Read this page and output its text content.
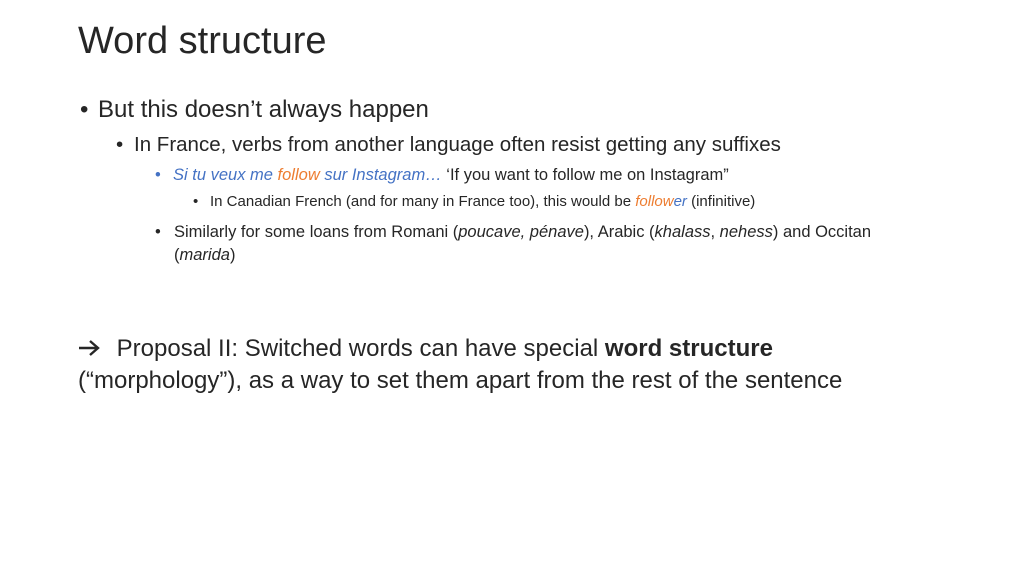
Word structure
• But this doesn’t always happen
• In France, verbs from another language often resist getting any suffixes
• Si tu veux me follow sur Instagram… ‘If you want to follow me on Instagram”
• In Canadian French (and for many in France too), this would be follower (infinitive)
• Similarly for some loans from Romani (poucave, pénave), Arabic (khalass, nehess) and Occitan (marida)
Proposal II: Switched words can have special word structure (“morphology”), as a way to set them apart from the rest of the sentence
